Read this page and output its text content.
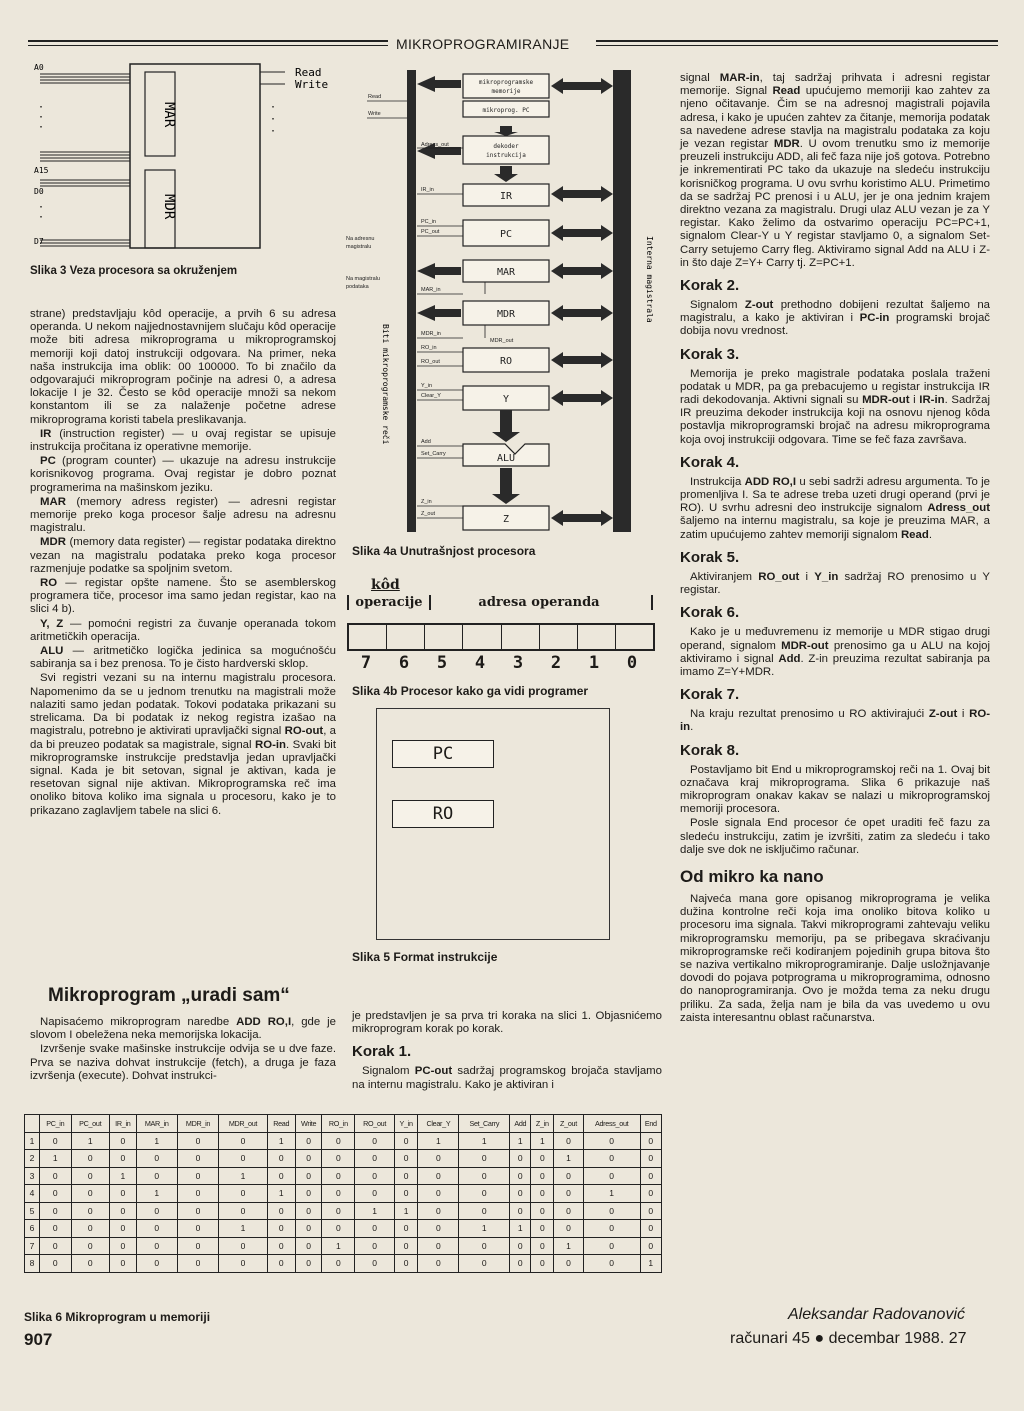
MIKROPROGRAMIRANJE
A0
A15
D0
D7
·
·
·
·
·
·
·
·
MAR
MDR
Read
Write
Slika 3 Veza procesora sa okruženjem

strane) predstavljaju kôd operacije, a prvih 6 su adresa operanda. U nekom najjednostavnijem slučaju kôd operacije može biti adresa mikroprograma u mikroprogramskoj memoriji koji datoj instrukciji odgovara. Na primer, neka naša instrukcija ima oblik: 00 100000. To bi značilo da odgovarajući mikroprogram počinje na adresi 0, a adresa lokacije I je 32. Često se kôd operacije množi sa nekom konstantom ili se za nalaženje početne adrese mikroprograma koristi tabela preslikavanja.

IR (instruction register) — u ovaj registar se upisuje instrukcija pročitana iz operativne memorije.

PC (program counter) — ukazuje na adresu instrukcije korisnikovog programa. Ovaj registar je dobro poznat programerima na mašinskom jeziku.

MAR (memory adress register) — adresni registar memorije preko koga procesor šalje adresu na adresnu magistralu.

MDR (memory data register) — registar podataka direktno vezan na magistralu podataka preko koga procesor razmenjuje podatke sa spoljnim svetom.

RO — registar opšte namene. Što se asemblerskog programera tiče, procesor ima samo jedan registar, kao na slici 4 b).

Y, Z — pomoćni registri za čuvanje operanada tokom aritmetičkih operacija.

ALU — aritmetičko logička jedinica sa mogućnošću sabiranja sa i bez prenosa. To je čisto hardverski sklop.

Svi registri vezani su na internu magistralu procesora. Napomenimo da se u jednom trenutku na magistrali može nalaziti samo jedan podatak. Tokovi podataka prikazani su strelicama. Da bi podatak iz nekog registra izašao na magistralu, potrebno je aktivirati upravljački signal RO-out, a da bi preuzeo podatak sa magistrale, signal RO-in. Svaki bit mikroprogramske instrukcije predstavlja jedan upravljački signal. Kada je bit setovan, signal je aktivan, kada je resetovan signal nije aktivan. Mikroprogramska reč ima onoliko bitova koliko ima signala u procesoru, kako je to prikazano zaglavljem tabele na slici 6.

Mikroprogram „uradi sam“

Napisaćemo mikroprogram naredbe ADD RO,I, gde je slovom I obeležena neka memorijska lokacija.

Izvršenje svake mašinske instrukcije odvija se u dve faze. Prva se naziva dohvat instrukcije (fetch), a druga je faza izvršenja (execute). Dohvat instrukci-

mikroprogramske
memorije
mikroprog. PC
dekoder
instrukcija
IR
PC
MAR
MDR
RO
Y
ALU
Z
Read
Write
Adress_out
IR_in
PC_in
PC_out
MAR_in
MDR_in
MDR_out
RO_in
RO_out
Y_in
Clear_Y
Add
Set_Carry
Z_in
Z_out
Na adresnu
magistralu
Na magistralu
podataka
Biti mikroprogramske reči
Interna magistrala
Slika 4a Unutrašnjost procesora
kôd
operacije	adresa operanda
7	6	5	4	3	2	1	0
Slika 4b Procesor kako ga vidi programer
PC
RO
Slika 5 Format instrukcije

je predstavljen je sa prva tri koraka na slici 1. Objasnićemo mikroprogram korak po korak.

Korak 1.

Signalom PC-out sadržaj programskog brojača stavljamo na internu magistralu. Kako je aktiviran i

signal MAR-in, taj sadržaj prihvata i adresni registar memorije. Signal Read upućujemo memoriji kao zahtev za njeno očitavanje. Čim se na adresnoj magistrali pojavila adresa, i kako je upućen zahtev za čitanje, memorija podatak sa navedene adrese stavlja na magistralu podataka za koju je vezan registar MDR. U ovom trenutku smo iz memorije preuzeli instrukciju ADD, ali feč faza nije još gotova. Potrebno je inkrementirati PC tako da ukazuje na sledeću instrukciju korisničkog programa. U ovu svrhu koristimo ALU. Primetimo da se sadržaj PC prenosi i u ALU, jer je ona jednim krajem direktno vezana za magistralu. Drugi ulaz ALU vezan je za Y registar. Kako želimo da ostvarimo operaciju PC=PC+1, signalom Clear-Y u Y registar stavljamo 0, a signalom Set-Carry setujemo Carry fleg. Aktiviramo signal Add na ALU i Z-in što daje Z=Y+ Carry tj. Z=PC+1.

Korak 2.

Signalom Z-out prethodno dobijeni rezultat šaljemo na magistralu, a kako je aktiviran i PC-in programski brojač dobija novu vrednost.

Korak 3.

Memorija je preko magistrale podataka poslala traženi podatak u MDR, pa ga prebacujemo u registar instrukcija IR radi dekodovanja. Aktivni signali su MDR-out i IR-in. Sadržaj IR preuzima dekoder instrukcija koji na osnovu njenog kôda postavlja mikroprogramski brojač na adresu mikroprograma koja ovoj instrukciji odgovara. Time se feč faza završava.

Korak 4.

Instrukcija ADD RO,I u sebi sadrži adresu argumenta. To je promenljiva I. Sa te adrese treba uzeti drugi operand (prvi je RO). U svrhu adresni deo instrukcije signalom Adress_out šaljemo na internu magistralu, sa koje je preuzima MAR, a zatim upućujemo zahtev memoriji signalom Read.

Korak 5.

Aktiviranjem RO_out i Y_in sadržaj RO prenosimo u Y registar.

Korak 6.

Kako je u međuvremenu iz memorije u MDR stigao drugi operand, signalom MDR-out prenosimo ga u ALU na kojoj aktiviramo i signal Add. Z-in preuzima rezultat sabiranja pa imamo Z=Y+MDR.

Korak 7.

Na kraju rezultat prenosimo u RO aktivirajući Z-out i RO-in.

Korak 8.

Postavljamo bit End u mikroprogramskoj reči na 1. Ovaj bit označava kraj mikroprograma. Slika 6 prikazuje naš mikroprogram onakav kakav se nalazi u mikroprogramskoj memoriji procesora.

Posle signala End procesor će opet uraditi feč fazu za sledeću instrukciju, zatim je izvršiti, zatim za sledeću i tako dalje sve dok ne isključimo računar.

Od mikro ka nano

Najveća mana gore opisanog mikroprograma je velika dužina kontrolne reči koja ima onoliko bitova koliko u procesoru ima signala. Takvi mikroprogrami zahtevaju veliku mikroprogramsku memoriju, pa se pribegava skraćivanju mikroprogramske reči kodiranjem pojedinih grupa bitova što se naziva vertikalno mikroprogramiranje. Dalje usložnjavanje dovodi do pojava potprograma u mikroprogramima, odnosno do nanoprogramiranja. Ovo je možda tema za neku drugu priliku. Za sada, želja nam je bila da vas uvedemo u ovu zaista interesantnu oblast računarstva.

	PC_in	PC_out	IR_in	MAR_in	MDR_in	MDR_out	Read	Write	RO_in	RO_out	Y_in	Clear_Y	Set_Carry	Add	Z_in	Z_out	Adress_out	End
1	0	1	0	1	0	0	1	0	0	0	0	1	1	1	1	0	0	0
2	1	0	0	0	0	0	0	0	0	0	0	0	0	0	0	1	0	0
3	0	0	1	0	0	1	0	0	0	0	0	0	0	0	0	0	0	0
4	0	0	0	1	0	0	1	0	0	0	0	0	0	0	0	0	1	0
5	0	0	0	0	0	0	0	0	0	1	1	0	0	0	0	0	0	0
6	0	0	0	0	0	1	0	0	0	0	0	0	1	1	0	0	0	0
7	0	0	0	0	0	0	0	0	1	0	0	0	0	0	0	1	0	0
8	0	0	0	0	0	0	0	0	0	0	0	0	0	0	0	0	0	1
Slika 6 Mikroprogram u memoriji
907
Aleksandar Radovanović
računari 45 ● decembar 1988. 27
